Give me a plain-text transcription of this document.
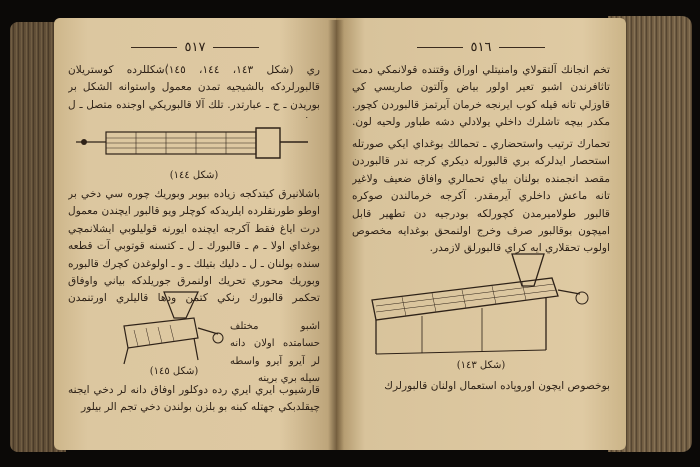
٥١٧
ري (شكل ١٤٣، ١٤٤، ١٤٥)ٰشكللرده كوستريلان قالبورلردكه بالشيجيه تمدن معمول واستوانه الشكل بر بوريدن ـ ح ـ عبارتدر. تلك آلا قالبوريكي اوجنده متصل ـ ل
(شكل ١٤٤)
باشلانيرق كيتدكجه زياده بيوبر وبوريك چوره سي دخي بر اوطو طورنقلرده ايلريدكه كوچلر ويو قالبور ايچندن معمول درت اياغ فقط آكرجه ايچنده ايورنه قوليلوبي ايشلانمچي بوغداي اولا ـ م ـ قالبورك ـ ل ـ كتسنه قوتوبي آت قطعه سنده بولنان ـ ل ـ دليك بتيلك ـ و ـ اولوغدن كچرك قالبوره وبوريك محوري تحريك اولنمرق جوريلدكه بياني واوفاق تحكمر قالبورك رنكي كتمن ودها قاليلري اورتنمدن
اشبو مختلف حسامتده اولان دانه لر آيرو آيرو واسطه سيله بري برينه
(شكل ١٤٥)
قارشيوب ايري ايري رده دوكلور اوفاق دانه لر دخي ايجنه چيقلدبكي جهتله كبنه بو بلزن بولندن دخي تجم الر بيلور
٥١٦
تخم انجانك آلتقولاي وامنيتلي اوراق وقتنده قولانمكي دمت تاثافرندن اشبو تعير اولور بياض وآلتون صاريسي كي قاوزلي تانه قيله كوب ايرنجه خرمان آيرتمز قالبوردن كچور. مكدر بيچه تاشلرك داخلي يولادلي دشه طباور ولحيه لون.
تحمارك ترتيب واستحضاري ـ تحمالك بوغداي ايكي صورتله استحصار ايدلركه بري قالبورله ديكري كرجه ندر قالبوردن مقصد انجمنده بولنان بياي تحمالري وافاق ضعيف ولاغير تانه ماعش داخلري آيرمقدر. آكرجه خرمالندن صوكره قالبور طولاميرمدن كچورلكه بودرجيه دن تطهير قابل اميچون بوقالبور صرف وخرج اولنمحق بوغدايه مخصوص اولوب تحقلاري ايه كراي قالبورلق لازمدر.
(شكل ١٤٣)
بوخصوص ايچون اوروپاده استعمال اولنان قالبورلرك
